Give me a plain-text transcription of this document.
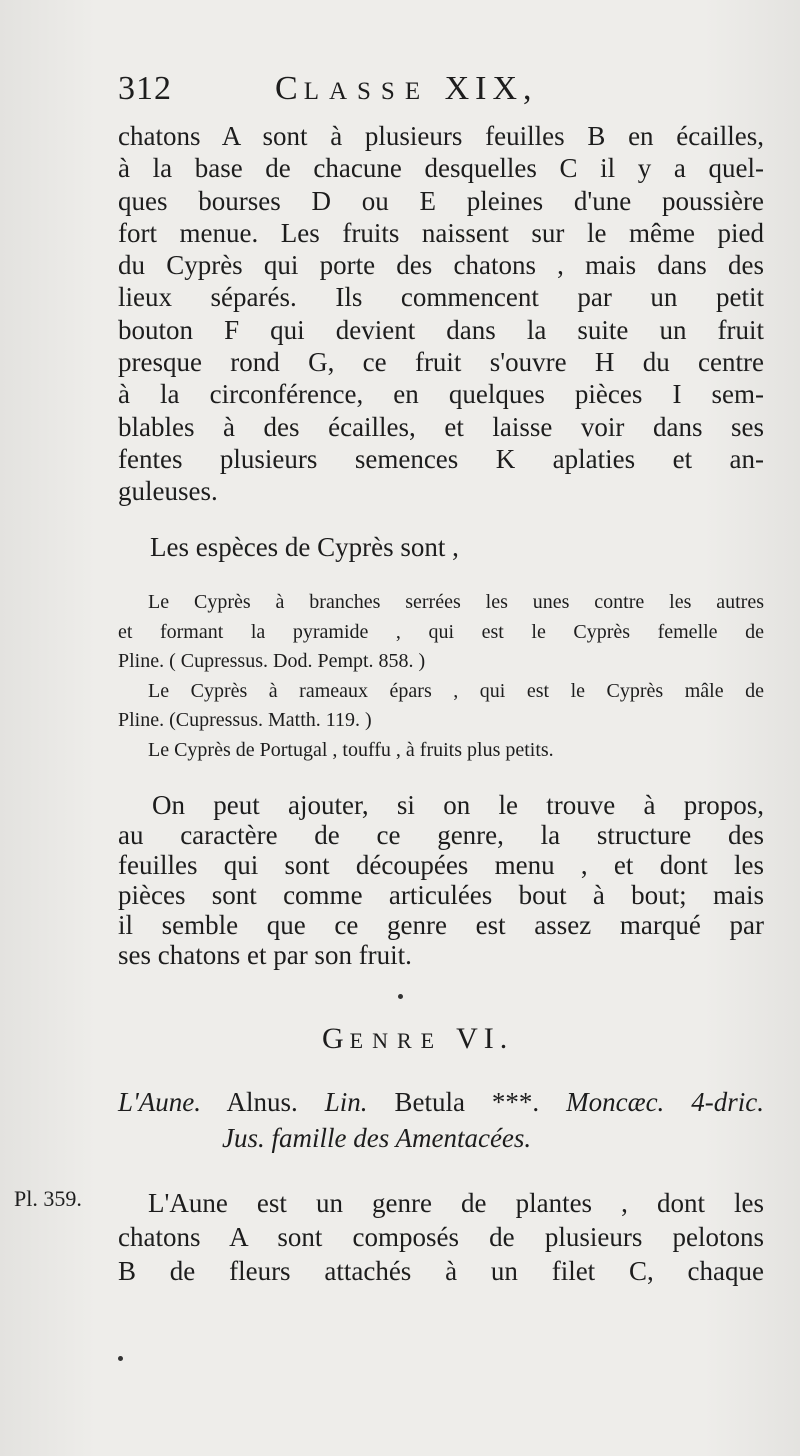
312	CLASSE XIX,
chatons A sont à plusieurs feuilles B en écailles,
à la base de chacune desquelles C il y a quel-
ques bourses D ou E pleines d'une poussière
fort menue. Les fruits naissent sur le même pied
du Cyprès qui porte des chatons , mais dans des
lieux séparés. Ils commencent par un petit
bouton F qui devient dans la suite un fruit
presque rond G, ce fruit s'ouvre H du centre
à la circonférence, en quelques pièces I sem-
blables à des écailles, et laisse voir dans ses
fentes plusieurs semences K aplaties et an-
guleuses.
Les espèces de Cyprès sont ,
Le Cyprès à branches serrées les unes contre les autres
et formant la pyramide , qui est le Cyprès femelle de
Pline. ( Cupressus. Dod. Pempt. 858. )
Le Cyprès à rameaux épars , qui est le Cyprès mâle de
Pline. (Cupressus. Matth. 119. )
Le Cyprès de Portugal , touffu , à fruits plus petits.
On peut ajouter, si on le trouve à propos,
au caractère de ce genre, la structure des
feuilles qui sont découpées menu , et dont les
pièces sont comme articulées bout à bout; mais
il semble que ce genre est assez marqué par
ses chatons et par son fruit.
GENRE VI.
L'Aune. Alnus. Lin. Betula ***. Moncæc. 4-dric.
Jus. famille des Amentacées.
Pl. 359.	L'Aune est un genre de plantes , dont les
chatons A sont composés de plusieurs pelotons
B de fleurs attachés à un filet C, chaque
